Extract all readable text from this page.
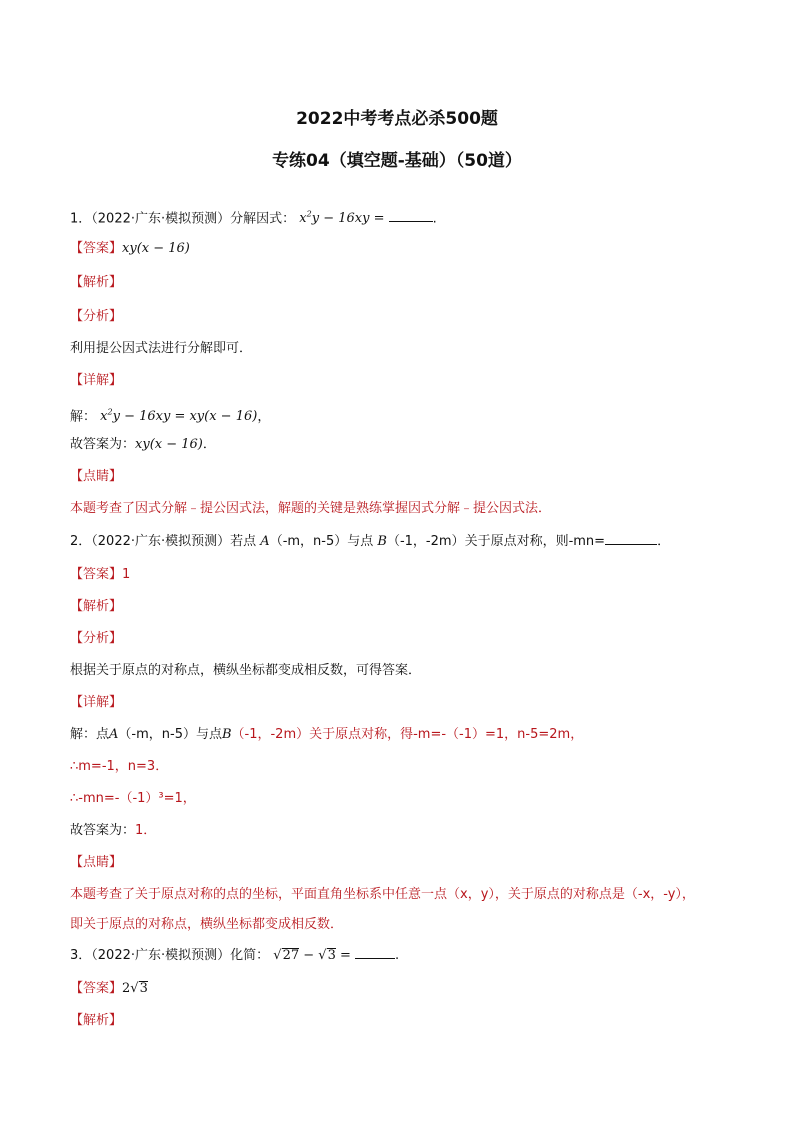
2022中考考点必杀500题
专练04（填空题-基础）（50道）
1．（2022·广东·模拟预测）分解因式： $x^2y - 16xy$ =	.
【答案】xy(x − 16)
【解析】
【分析】
利用提公因式法进行分解即可．
【详解】
解： $x^2y - 16xy = xy(x - 16)$，
故答案为：xy(x − 16)．
【点睛】
本题考查了因式分解﹣提公因式法，解题的关键是熟练掌握因式分解﹣提公因式法．
2．（2022·广东·模拟预测）若点 A（-m，n-5）与点 B（-1，-2m）关于原点对称，则-mn=	．
【答案】1
【解析】
【分析】
根据关于原点的对称点，横纵坐标都变成相反数，可得答案．
【详解】
解：点A（-m，n-5）与点B（-1，-2m）关于原点对称，得-m=-（-1）=1，n-5=2m，
∴m=-1，n=3．
∴-mn=-（-1）³=1，
故答案为：1．
【点睛】
本题考查了关于原点对称的点的坐标，平面直角坐标系中任意一点（x，y），关于原点的对称点是（-x，-y），
即关于原点的对称点，横纵坐标都变成相反数．
3．（2022·广东·模拟预测）化简： √27 − √3 =	.
【答案】2√3
【解析】
